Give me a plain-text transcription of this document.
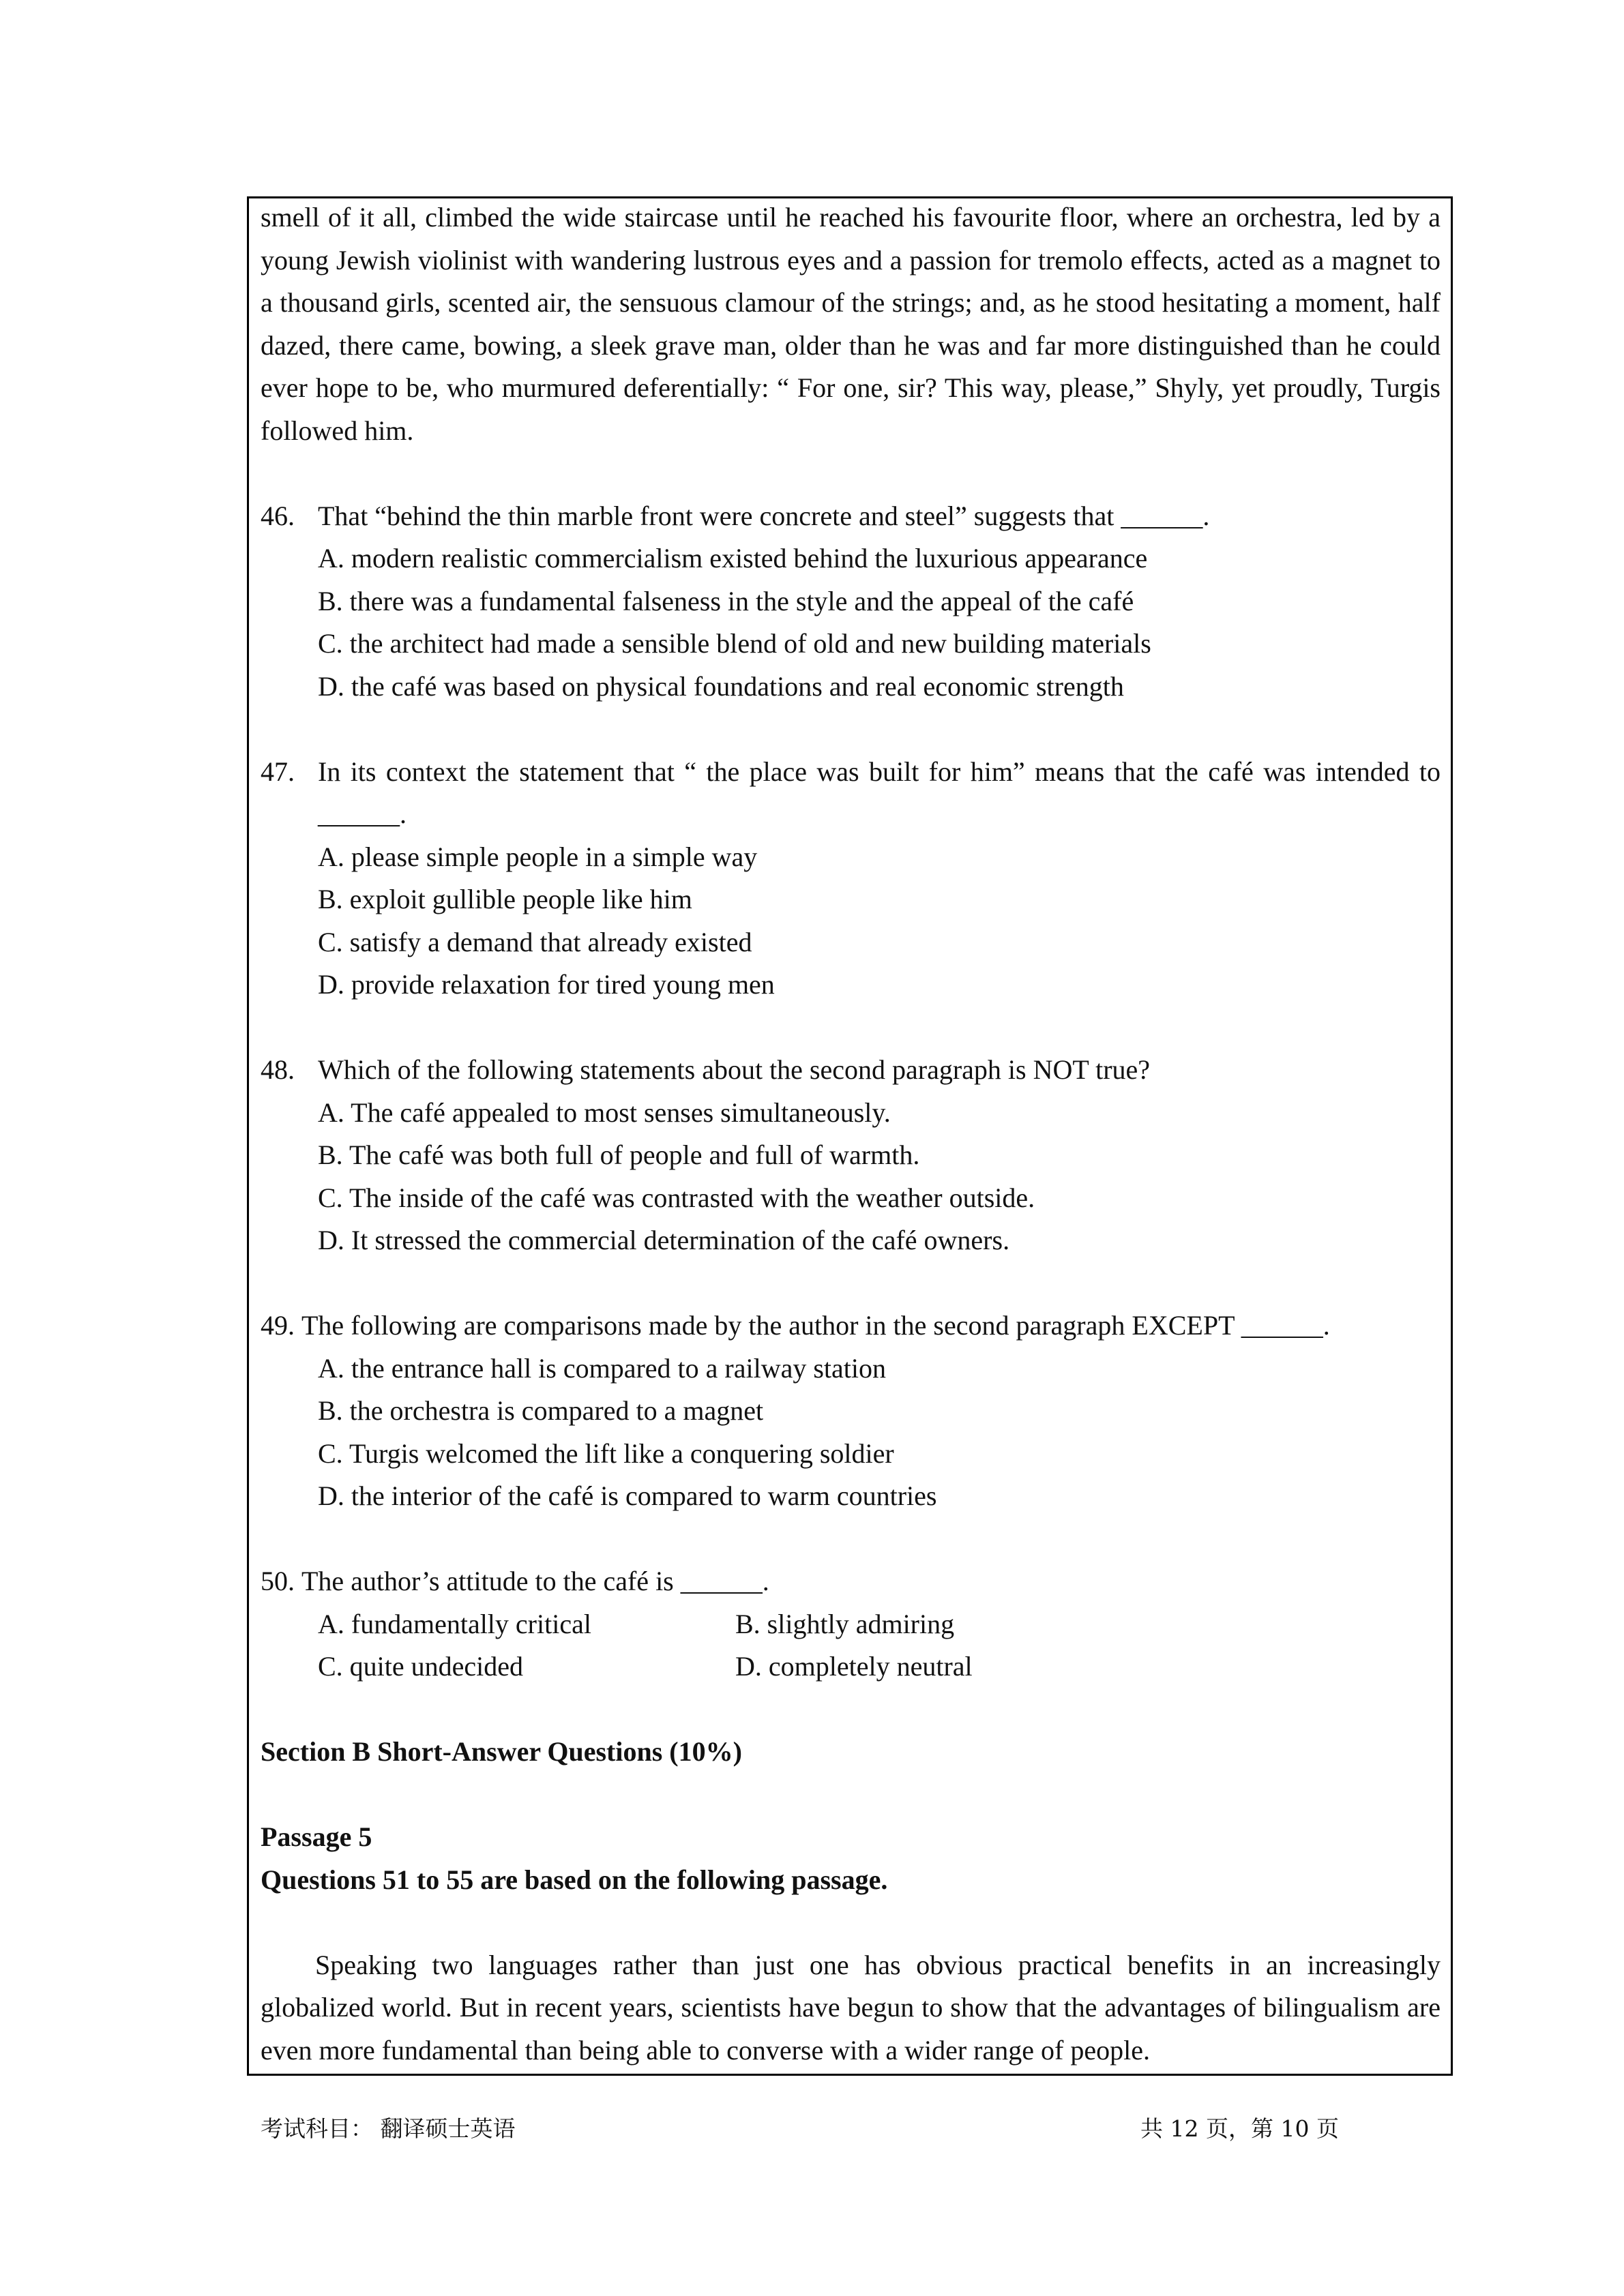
smell of it all, climbed the wide staircase until he reached his favourite floor, where an orchestra, led by a young Jewish violinist with wandering lustrous eyes and a passion for tremolo effects, acted as a magnet to a thousand girls, scented air, the sensuous clamour of the strings; and, as he stood hesitating a moment, half dazed, there came, bowing, a sleek grave man, older than he was and far more distinguished than he could ever hope to be, who murmured deferentially: “ For one, sir? This way, please,” Shyly, yet proudly, Turgis followed him.

46. That “behind the thin marble front were concrete and steel” suggests that ______.
A. modern realistic commercialism existed behind the luxurious appearance
B. there was a fundamental falseness in the style and the appeal of the café
C. the architect had made a sensible blend of old and new building materials
D. the café was based on physical foundations and real economic strength
47. In its context the statement that “ the place was built for him” means that the café was intended to ______.
A. please simple people in a simple way
B. exploit gullible people like him
C. satisfy a demand that already existed
D. provide relaxation for tired young men
48. Which of the following statements about the second paragraph is NOT true?
A. The café appealed to most senses simultaneously.
B. The café was both full of people and full of warmth.
C. The inside of the café was contrasted with the weather outside.
D. It stressed the commercial determination of the café owners.
49.
The following are comparisons made by the author in the second paragraph EXCEPT ______.
A. the entrance hall is compared to a railway station
B. the orchestra is compared to a magnet
C. Turgis welcomed the lift like a conquering soldier
D. the interior of the café is compared to warm countries
50.
The author’s attitude to the café is ______.
A. fundamentally critical	B. slightly admiring
C. quite undecided	D. completely neutral
Section B Short-Answer Questions (10%)
Passage 5
Questions 51 to 55 are based on the following passage.

Speaking two languages rather than just one has obvious practical benefits in an increasingly globalized world. But in recent years, scientists have begun to show that the advantages of bilingualism are even more fundamental than being able to converse with a wider range of people.

考试科目： 翻译硕士英语	共 12 页，第 10 页
